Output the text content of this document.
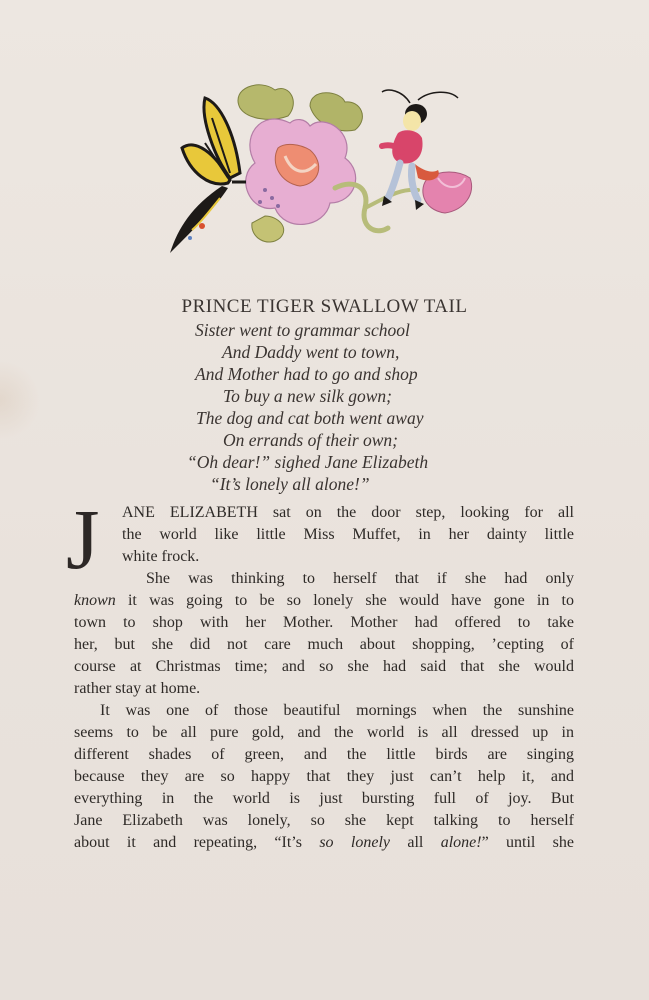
PRINCE TIGER SWALLOW TAIL
Sister went to grammar school
And Daddy went to town,
And Mother had to go and shop
To buy a new silk gown;
The dog and cat both went away
On errands of their own;
“Oh dear!” sighed Jane Elizabeth
“It’s lonely all alone!”
J ANE ELIZABETH sat on the door step, looking for all
the world like little Miss Muffet, in her dainty little
white frock.
She was thinking to herself that if she had only
known it was going to be so lonely she would have gone in to
town to shop with her Mother. Mother had offered to take
her, but she did not care much about shopping, ’cepting of
course at Christmas time; and so she had said that she would
rather stay at home.
It was one of those beautiful mornings when the sunshine
seems to be all pure gold, and the world is all dressed up in
different shades of green, and the little birds are singing
because they are so happy that they just can’t help it, and
everything in the world is just bursting full of joy. But
Jane Elizabeth was lonely, so she kept talking to herself
about it and repeating, “It’s so lonely all alone!” until she
